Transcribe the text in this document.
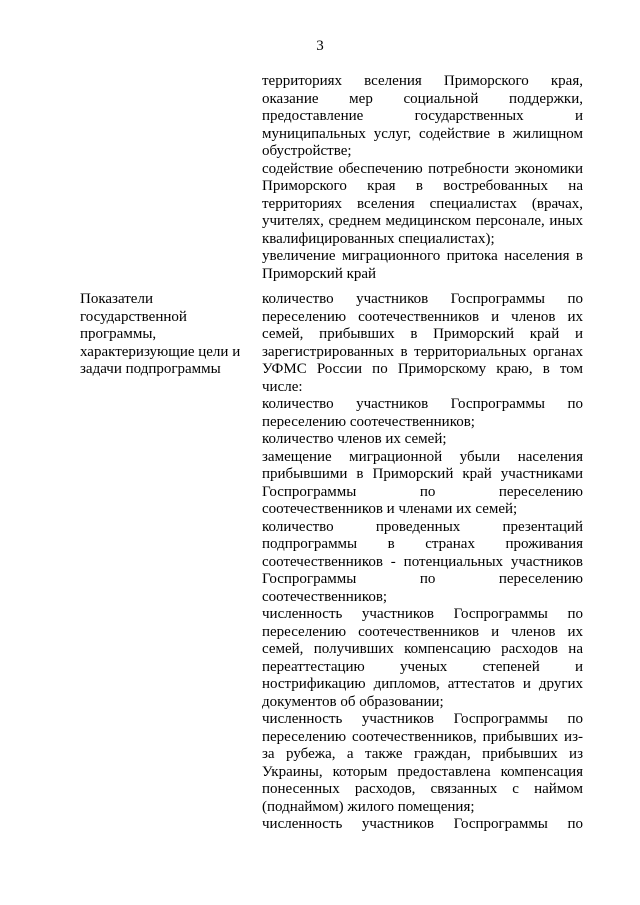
3
территориях вселения Приморского края,
оказание мер социальной поддержки,
предоставление государственных и
муниципальных услуг, содействие в жилищном
обустройстве;
содействие обеспечению потребности экономики
Приморского края в востребованных на
территориях вселения специалистах (врачах,
учителях, среднем медицинском персонале, иных
квалифицированных специалистах);
увеличение миграционного притока населения в
Приморский край
Показатели
государственной
программы,
характеризующие цели и
задачи подпрограммы
количество участников Госпрограммы по
переселению соотечественников и членов их
семей, прибывших в Приморский край и
зарегистрированных в территориальных органах
УФМС России по Приморскому краю, в том
числе:
количество участников Госпрограммы по
переселению соотечественников;
количество членов их семей;
замещение миграционной убыли населения
прибывшими в Приморский край участниками
Госпрограммы по переселению
соотечественников и членами их семей;
количество проведенных презентаций
подпрограммы в странах проживания
соотечественников - потенциальных участников
Госпрограммы по переселению
соотечественников;
численность участников Госпрограммы по
переселению соотечественников и членов их
семей, получивших компенсацию расходов на
переаттестацию ученых степеней и
нострификацию дипломов, аттестатов и других
документов об образовании;
численность участников Госпрограммы по
переселению соотечественников, прибывших из-
за рубежа, а также граждан, прибывших из
Украины, которым предоставлена компенсация
понесенных расходов, связанных с наймом
(поднаймом) жилого помещения;
численность участников Госпрограммы по
